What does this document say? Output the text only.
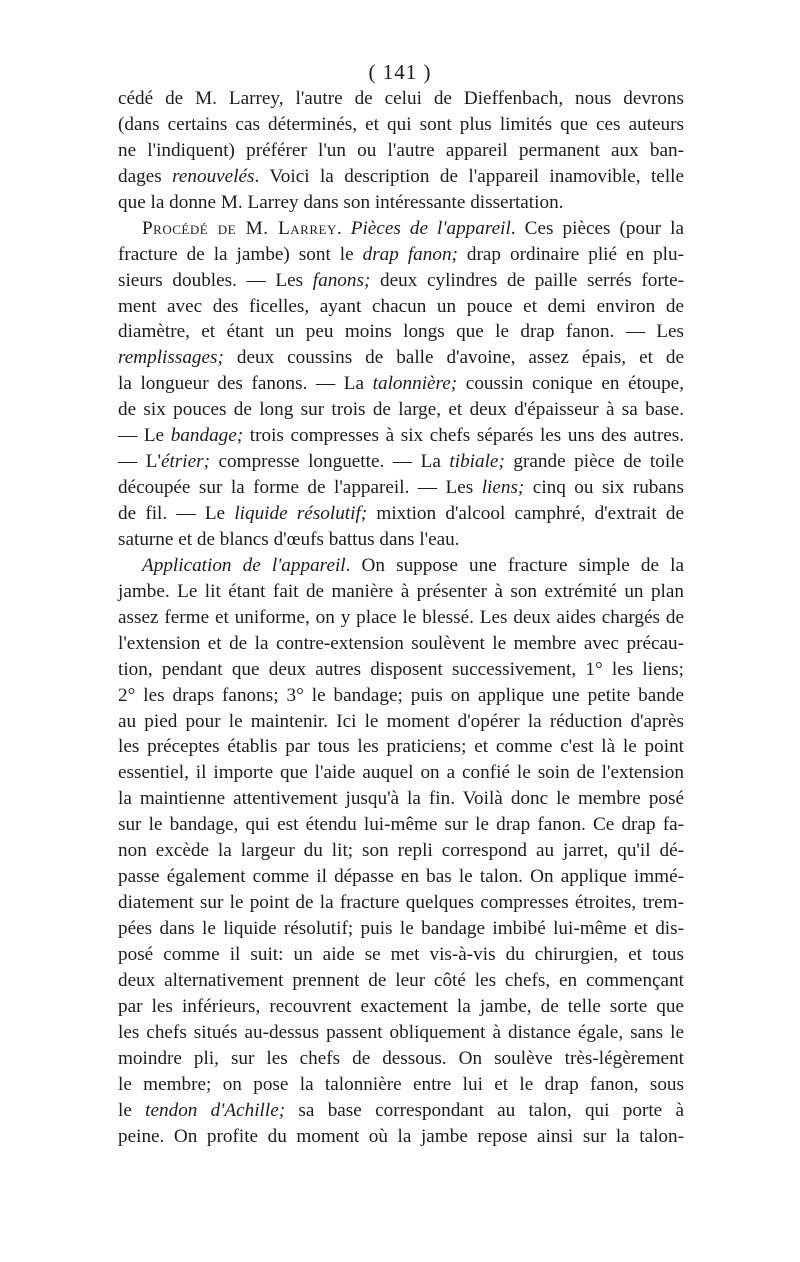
( 141 )
cédé de M. Larrey, l'autre de celui de Dieffenbach, nous devrons
(dans certains cas déterminés, et qui sont plus limités que ces auteurs
ne l'indiquent) préférer l'un ou l'autre appareil permanent aux ban-
dages renouvelés. Voici la description de l'appareil inamovible, telle
que la donne M. Larrey dans son intéressante dissertation.
Procédé de M. Larrey. Pièces de l'appareil. Ces pièces (pour la
fracture de la jambe) sont le drap fanon; drap ordinaire plié en plu-
sieurs doubles. — Les fanons; deux cylindres de paille serrés forte-
ment avec des ficelles, ayant chacun un pouce et demi environ de
diamètre, et étant un peu moins longs que le drap fanon. — Les
remplissages; deux coussins de balle d'avoine, assez épais, et de
la longueur des fanons. — La talonnière; coussin conique en étoupe,
de six pouces de long sur trois de large, et deux d'épaisseur à sa base.
— Le bandage; trois compresses à six chefs séparés les uns des autres.
— L'étrier; compresse longuette. — La tibiale; grande pièce de toile
découpée sur la forme de l'appareil. — Les liens; cinq ou six rubans
de fil. — Le liquide résolutif; mixtion d'alcool camphré, d'extrait de
saturne et de blancs d'œufs battus dans l'eau.
Application de l'appareil. On suppose une fracture simple de la
jambe. Le lit étant fait de manière à présenter à son extrémité un plan
assez ferme et uniforme, on y place le blessé. Les deux aides chargés de
l'extension et de la contre-extension soulèvent le membre avec précau-
tion, pendant que deux autres disposent successivement, 1° les liens;
2° les draps fanons; 3° le bandage; puis on applique une petite bande
au pied pour le maintenir. Ici le moment d'opérer la réduction d'après
les préceptes établis par tous les praticiens; et comme c'est là le point
essentiel, il importe que l'aide auquel on a confié le soin de l'extension
la maintienne attentivement jusqu'à la fin. Voilà donc le membre posé
sur le bandage, qui est étendu lui-même sur le drap fanon. Ce drap fa-
non excède la largeur du lit; son repli correspond au jarret, qu'il dé-
passe également comme il dépasse en bas le talon. On applique immé-
diatement sur le point de la fracture quelques compresses étroites, trem-
pées dans le liquide résolutif; puis le bandage imbibé lui-même et dis-
posé comme il suit: un aide se met vis-à-vis du chirurgien, et tous
deux alternativement prennent de leur côté les chefs, en commençant
par les inférieurs, recouvrent exactement la jambe, de telle sorte que
les chefs situés au-dessus passent obliquement à distance égale, sans le
moindre pli, sur les chefs de dessous. On soulève très-légèrement
le membre; on pose la talonnière entre lui et le drap fanon, sous
le tendon d'Achille; sa base correspondant au talon, qui porte à
peine. On profite du moment où la jambe repose ainsi sur la talon-
